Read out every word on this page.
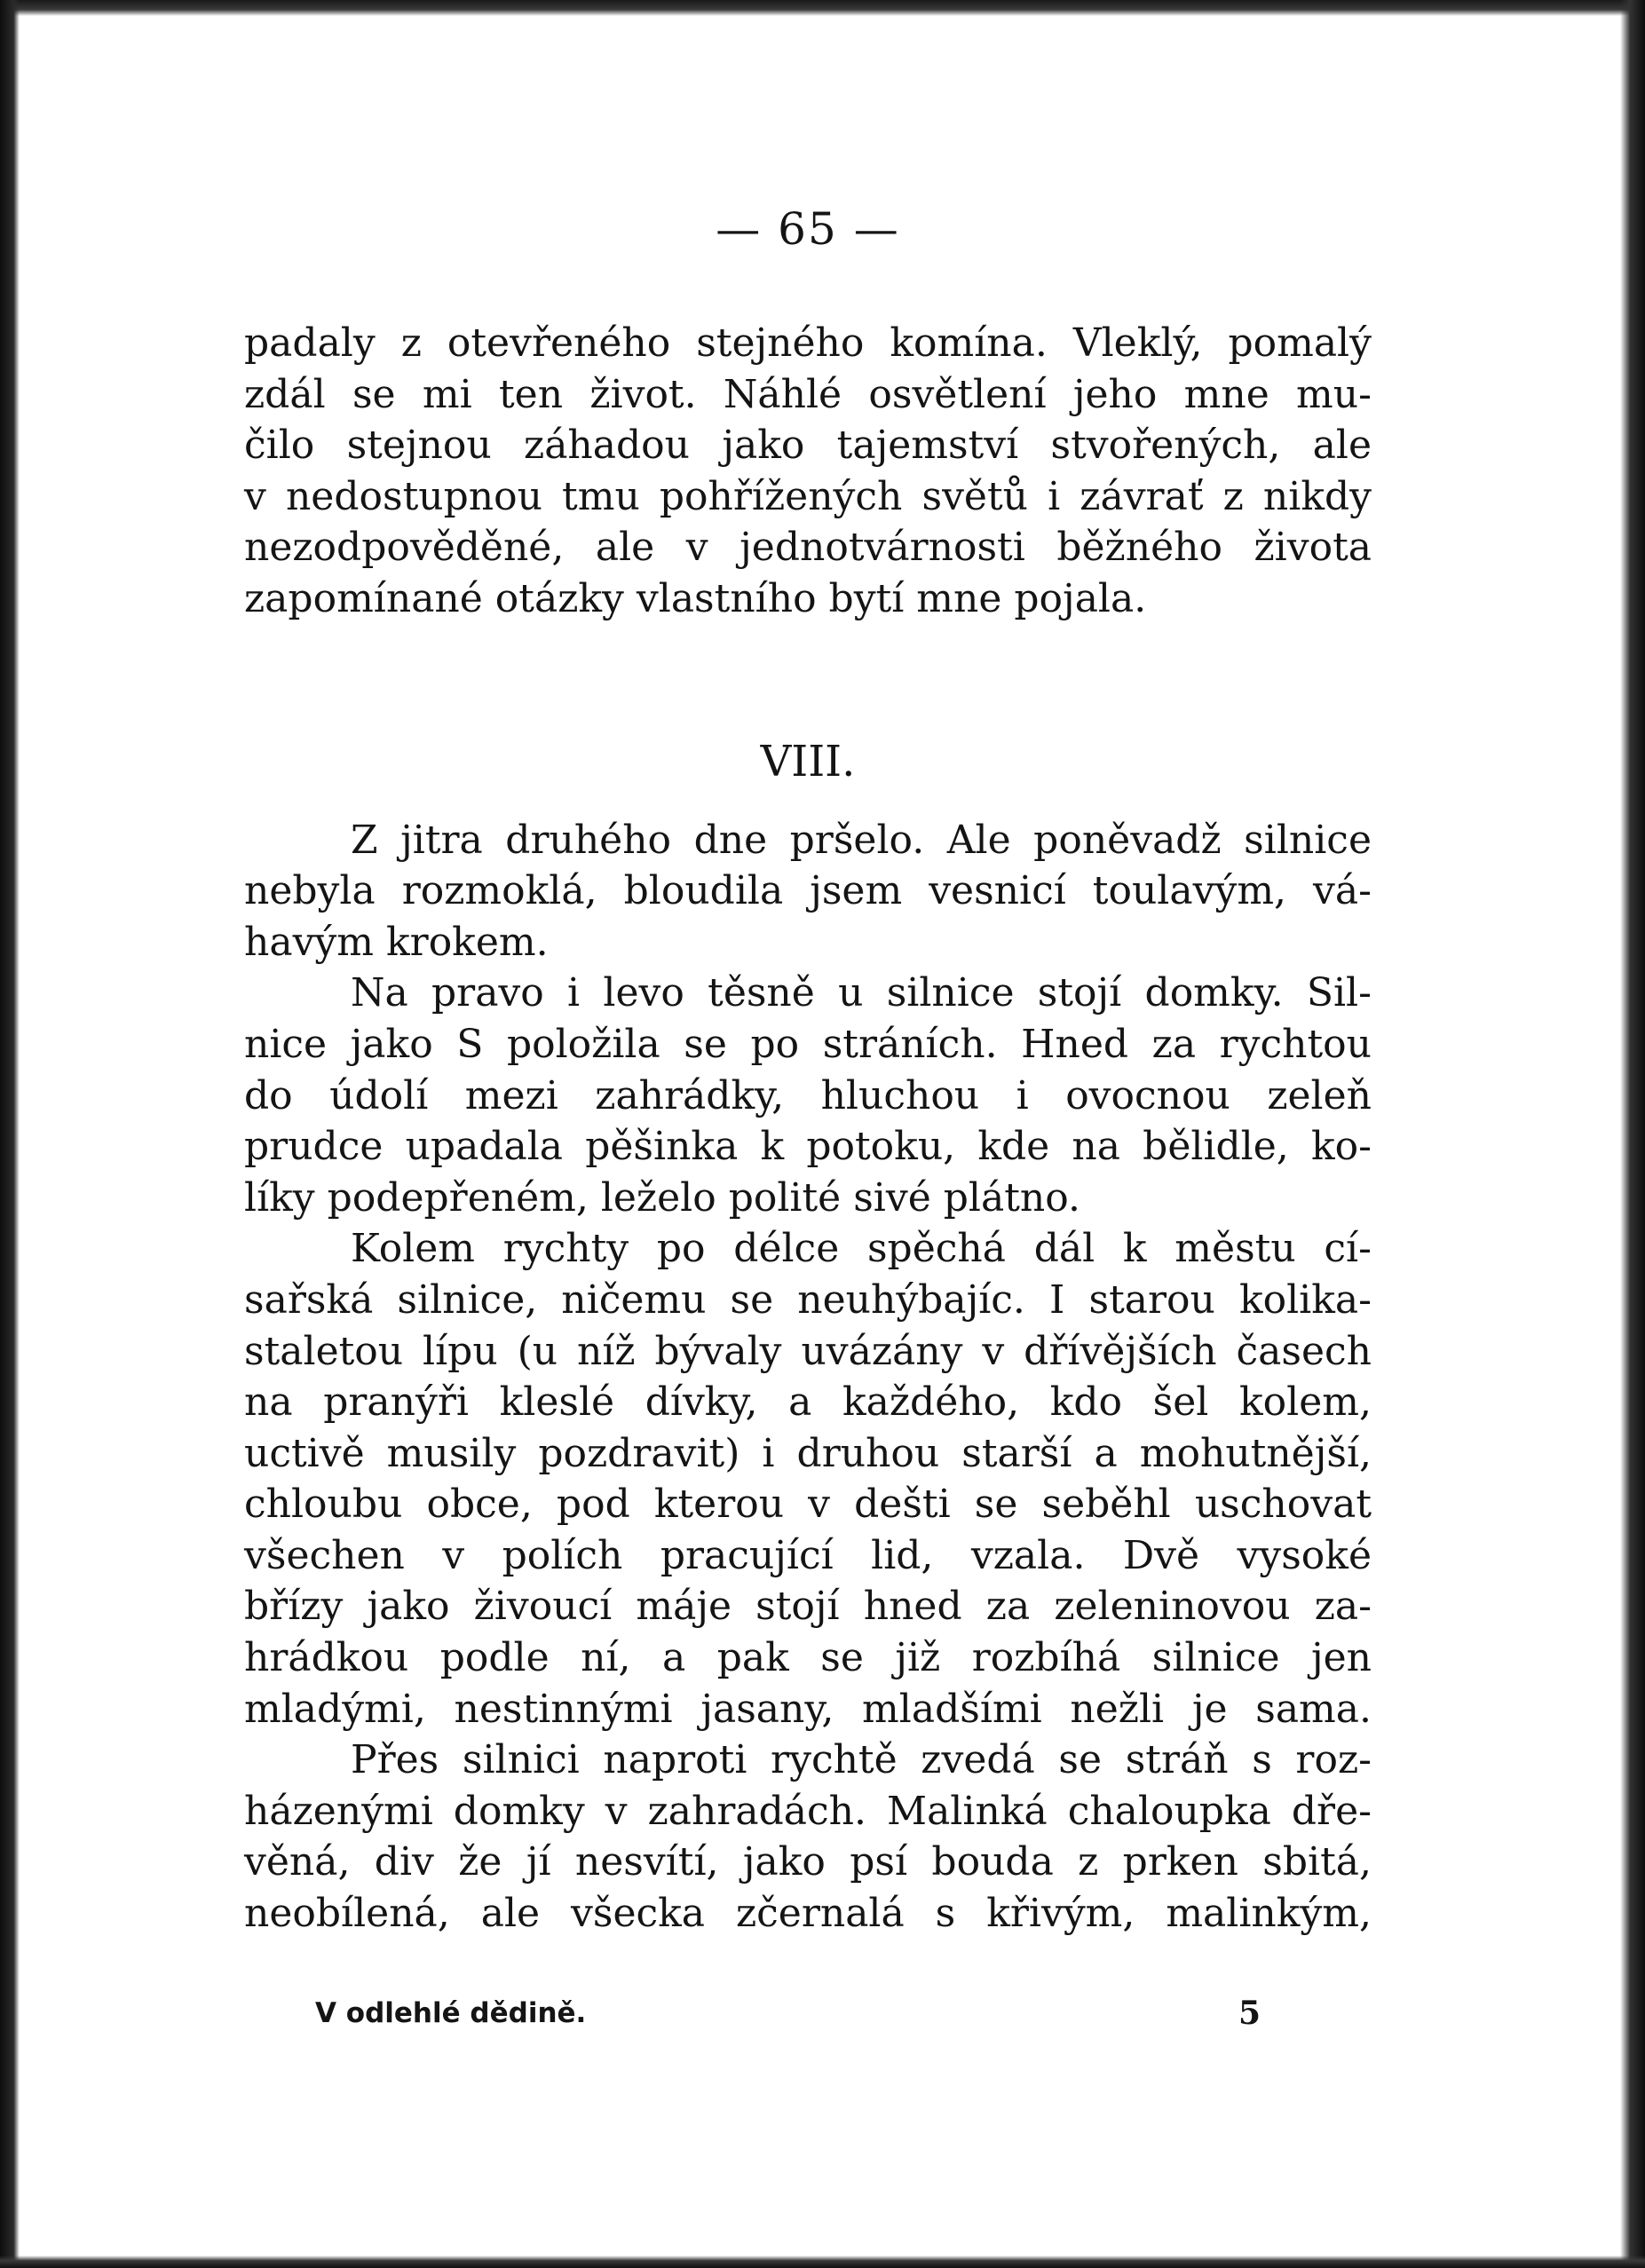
— 65 —

padaly z otevřeného stejného komína. Vleklý, pomalý
zdál se mi ten život. Náhlé osvětlení jeho mne mu-
čilo stejnou záhadou jako tajemství stvořených, ale
v nedostupnou tmu pohřížených světů i závrať z nikdy
nezodpověděné, ale v jednotvárnosti běžného života
zapomínané otázky vlastního bytí mne pojala.

VIII.

Z jitra druhého dne pršelo. Ale poněvadž silnice
nebyla rozmoklá, bloudila jsem vesnicí toulavým, vá-
havým krokem.

Na pravo i levo těsně u silnice stojí domky. Sil-
nice jako S položila se po stráních. Hned za rychtou
do údolí mezi zahrádky, hluchou i ovocnou zeleň
prudce upadala pěšinka k potoku, kde na bělidle, ko-
líky podepřeném, leželo polité sivé plátno.

Kolem rychty po délce spěchá dál k městu cí-
sařská silnice, ničemu se neuhýbajíc. I starou kolika-
staletou lípu (u níž bývaly uvázány v dřívějších časech
na pranýři kleslé dívky, a každého, kdo šel kolem,
uctivě musily pozdravit) i druhou starší a mohutnější,
chloubu obce, pod kterou v dešti se seběhl uschovat
všechen v polích pracující lid, vzala. Dvě vysoké
břízy jako živoucí máje stojí hned za zeleninovou za-
hrádkou podle ní, a pak se již rozbíhá silnice jen
mladými, nestinnými jasany, mladšími nežli je sama.

Přes silnici naproti rychtě zvedá se stráň s roz-
házenými domky v zahradách. Malinká chaloupka dře-
věná, div že jí nesvítí, jako psí bouda z prken sbitá,
neobílená, ale všecka zčernalá s křivým, malinkým,

V odlehlé dědině.	5
